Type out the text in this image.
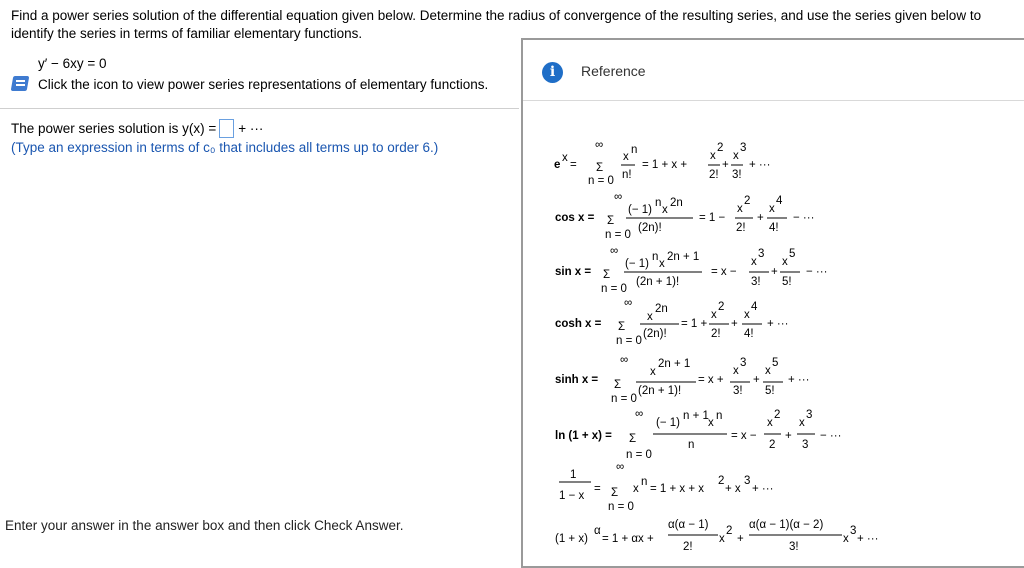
Find a power series solution of the differential equation given below. Determine the radius of convergence of the resulting series, and use the series given below to identify the series in terms of familiar elementary functions.
y′ − 6xy = 0
Click the icon to view power series representations of elementary functions.
The power series solution is y(x) = + ···
(Type an expression in terms of c₀ that includes all terms up to order 6.)
Enter your answer in the answer box and then click Check Answer.
i	Reference
e
x
= Σ
∞
n = 0
x
n
n!
= 1 + x +
x
2
2!
+
x
3
3!
+ ···
cos x = Σ
∞
n = 0
(− 1)
n
x
2n
(2n)!
= 1 −
x
2
2!
+
x
4
4!
− ···
sin x = Σ
∞
n = 0
(− 1)
n
x
2n + 1
(2n + 1)!
= x −
x
3
3!
+
x
5
5!
− ···
cosh x = Σ
∞
n = 0
x
2n
(2n)!
= 1 +
x
2
2!
+
x
4
4!
+ ···
sinh x = Σ
∞
n = 0
x
2n + 1
(2n + 1)!
= x +
x
3
3!
+
x
5
5!
+ ···
ln (1 + x) = Σ
∞
n = 0
(− 1)
n + 1
x
n
n
= x −
x
2
2
+
x
3
3
− ···
1
1 − x
= Σ
∞
n = 0
x
n
= 1 + x + x
2
+ x
3
+ ···
(1 + x)
α
= 1 + αx +
α(α − 1)
2!
x
2
+
α(α − 1)(α − 2)
3!
x
3
+ ···
